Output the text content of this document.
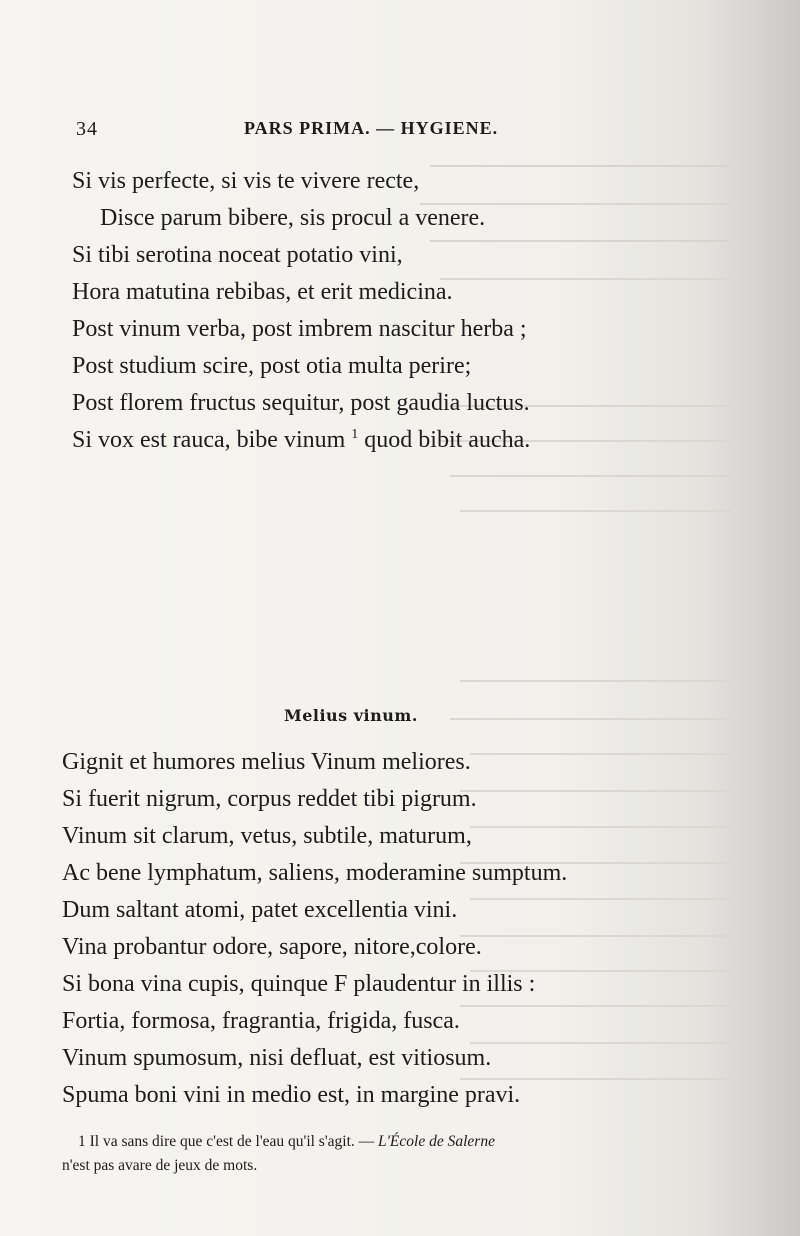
34	PARS PRIMA. — HYGIENE.
Si vis perfecte, si vis te vivere recte,
Disce parum bibere, sis procul a venere.
Si tibi serotina noceat potatio vini,
Hora matutina rebibas, et erit medicina.
Post vinum verba, post imbrem nascitur herba ;
Post studium scire, post otia multa perire;
Post florem fructus sequitur, post gaudia luctus.
Si vox est rauca, bibe vinum $^1$ quod bibit aucha.
Melius vinum.
Gignit et humores melius Vinum meliores.
Si fuerit nigrum, corpus reddet tibi pigrum.
Vinum sit clarum, vetus, subtile, maturum,
Ac bene lymphatum, saliens, moderamine sumptum.
Dum saltant atomi, patet excellentia vini.
Vina probantur odore, sapore, nitore,colore.
Si bona vina cupis, quinque F plaudentur in illis :
Fortia, formosa, fragrantia, frigida, fusca.
Vinum spumosum, nisi defluat, est vitiosum.
Spuma boni vini in medio est, in margine pravi.
1 Il va sans dire que c'est de l'eau qu'il s'agit. — L'École de Salerne
n'est pas avare de jeux de mots.
